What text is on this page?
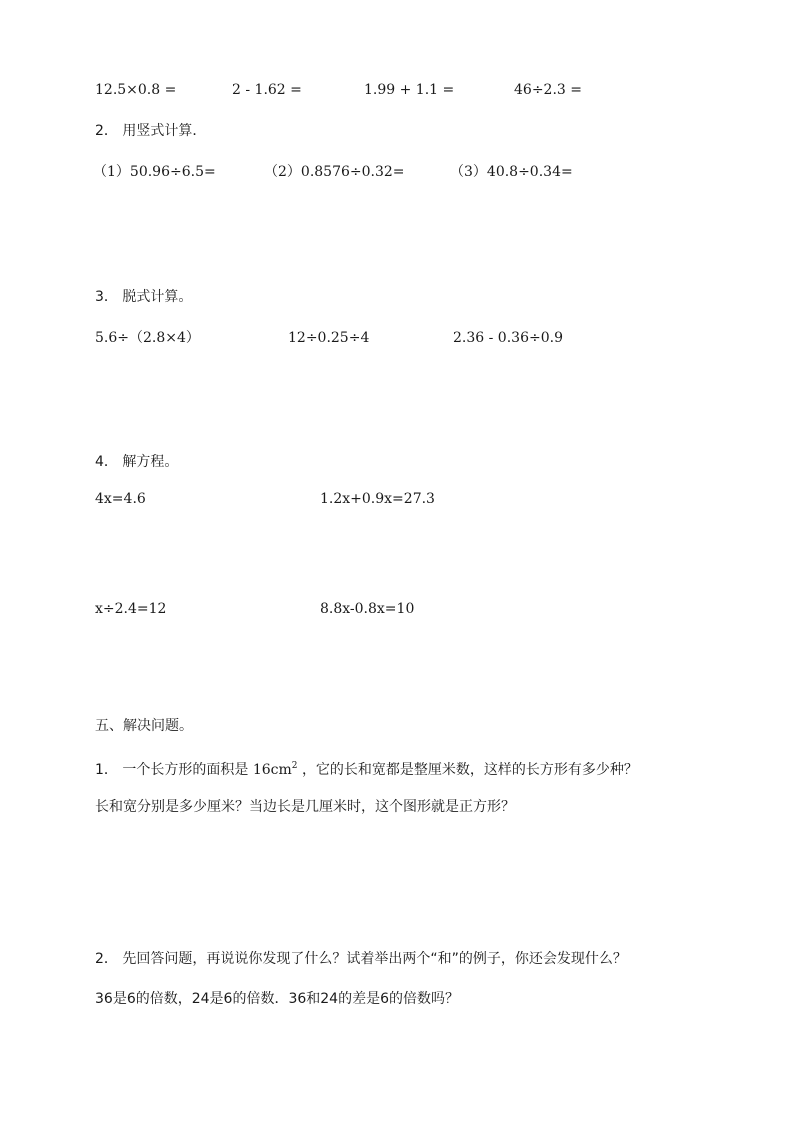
12.5×0.8 =	2 - 1.62 =	1.99 + 1.1 =	46÷2.3 =
2． 用竖式计算．
（1）50.96÷6.5=	（2）0.8576÷0.32=	（3）40.8÷0.34=
3． 脱式计算。
5.6÷（2.8×4）	12÷0.25÷4	2.36 - 0.36÷0.9
4． 解方程。
4x=4.6	1.2x+0.9x=27.3
x÷2.4=12	8.8x-0.8x=10
五、解决问题。
1． 一个长方形的面积是 $16cm^2$ ，它的长和宽都是整厘米数，这样的长方形有多少种？
长和宽分别是多少厘米？当边长是几厘米时，这个图形就是正方形？
2． 先回答问题，再说说你发现了什么？试着举出两个“和”的例子，你还会发现什么？
36是6的倍数，24是6的倍数．36和24的差是6的倍数吗？
